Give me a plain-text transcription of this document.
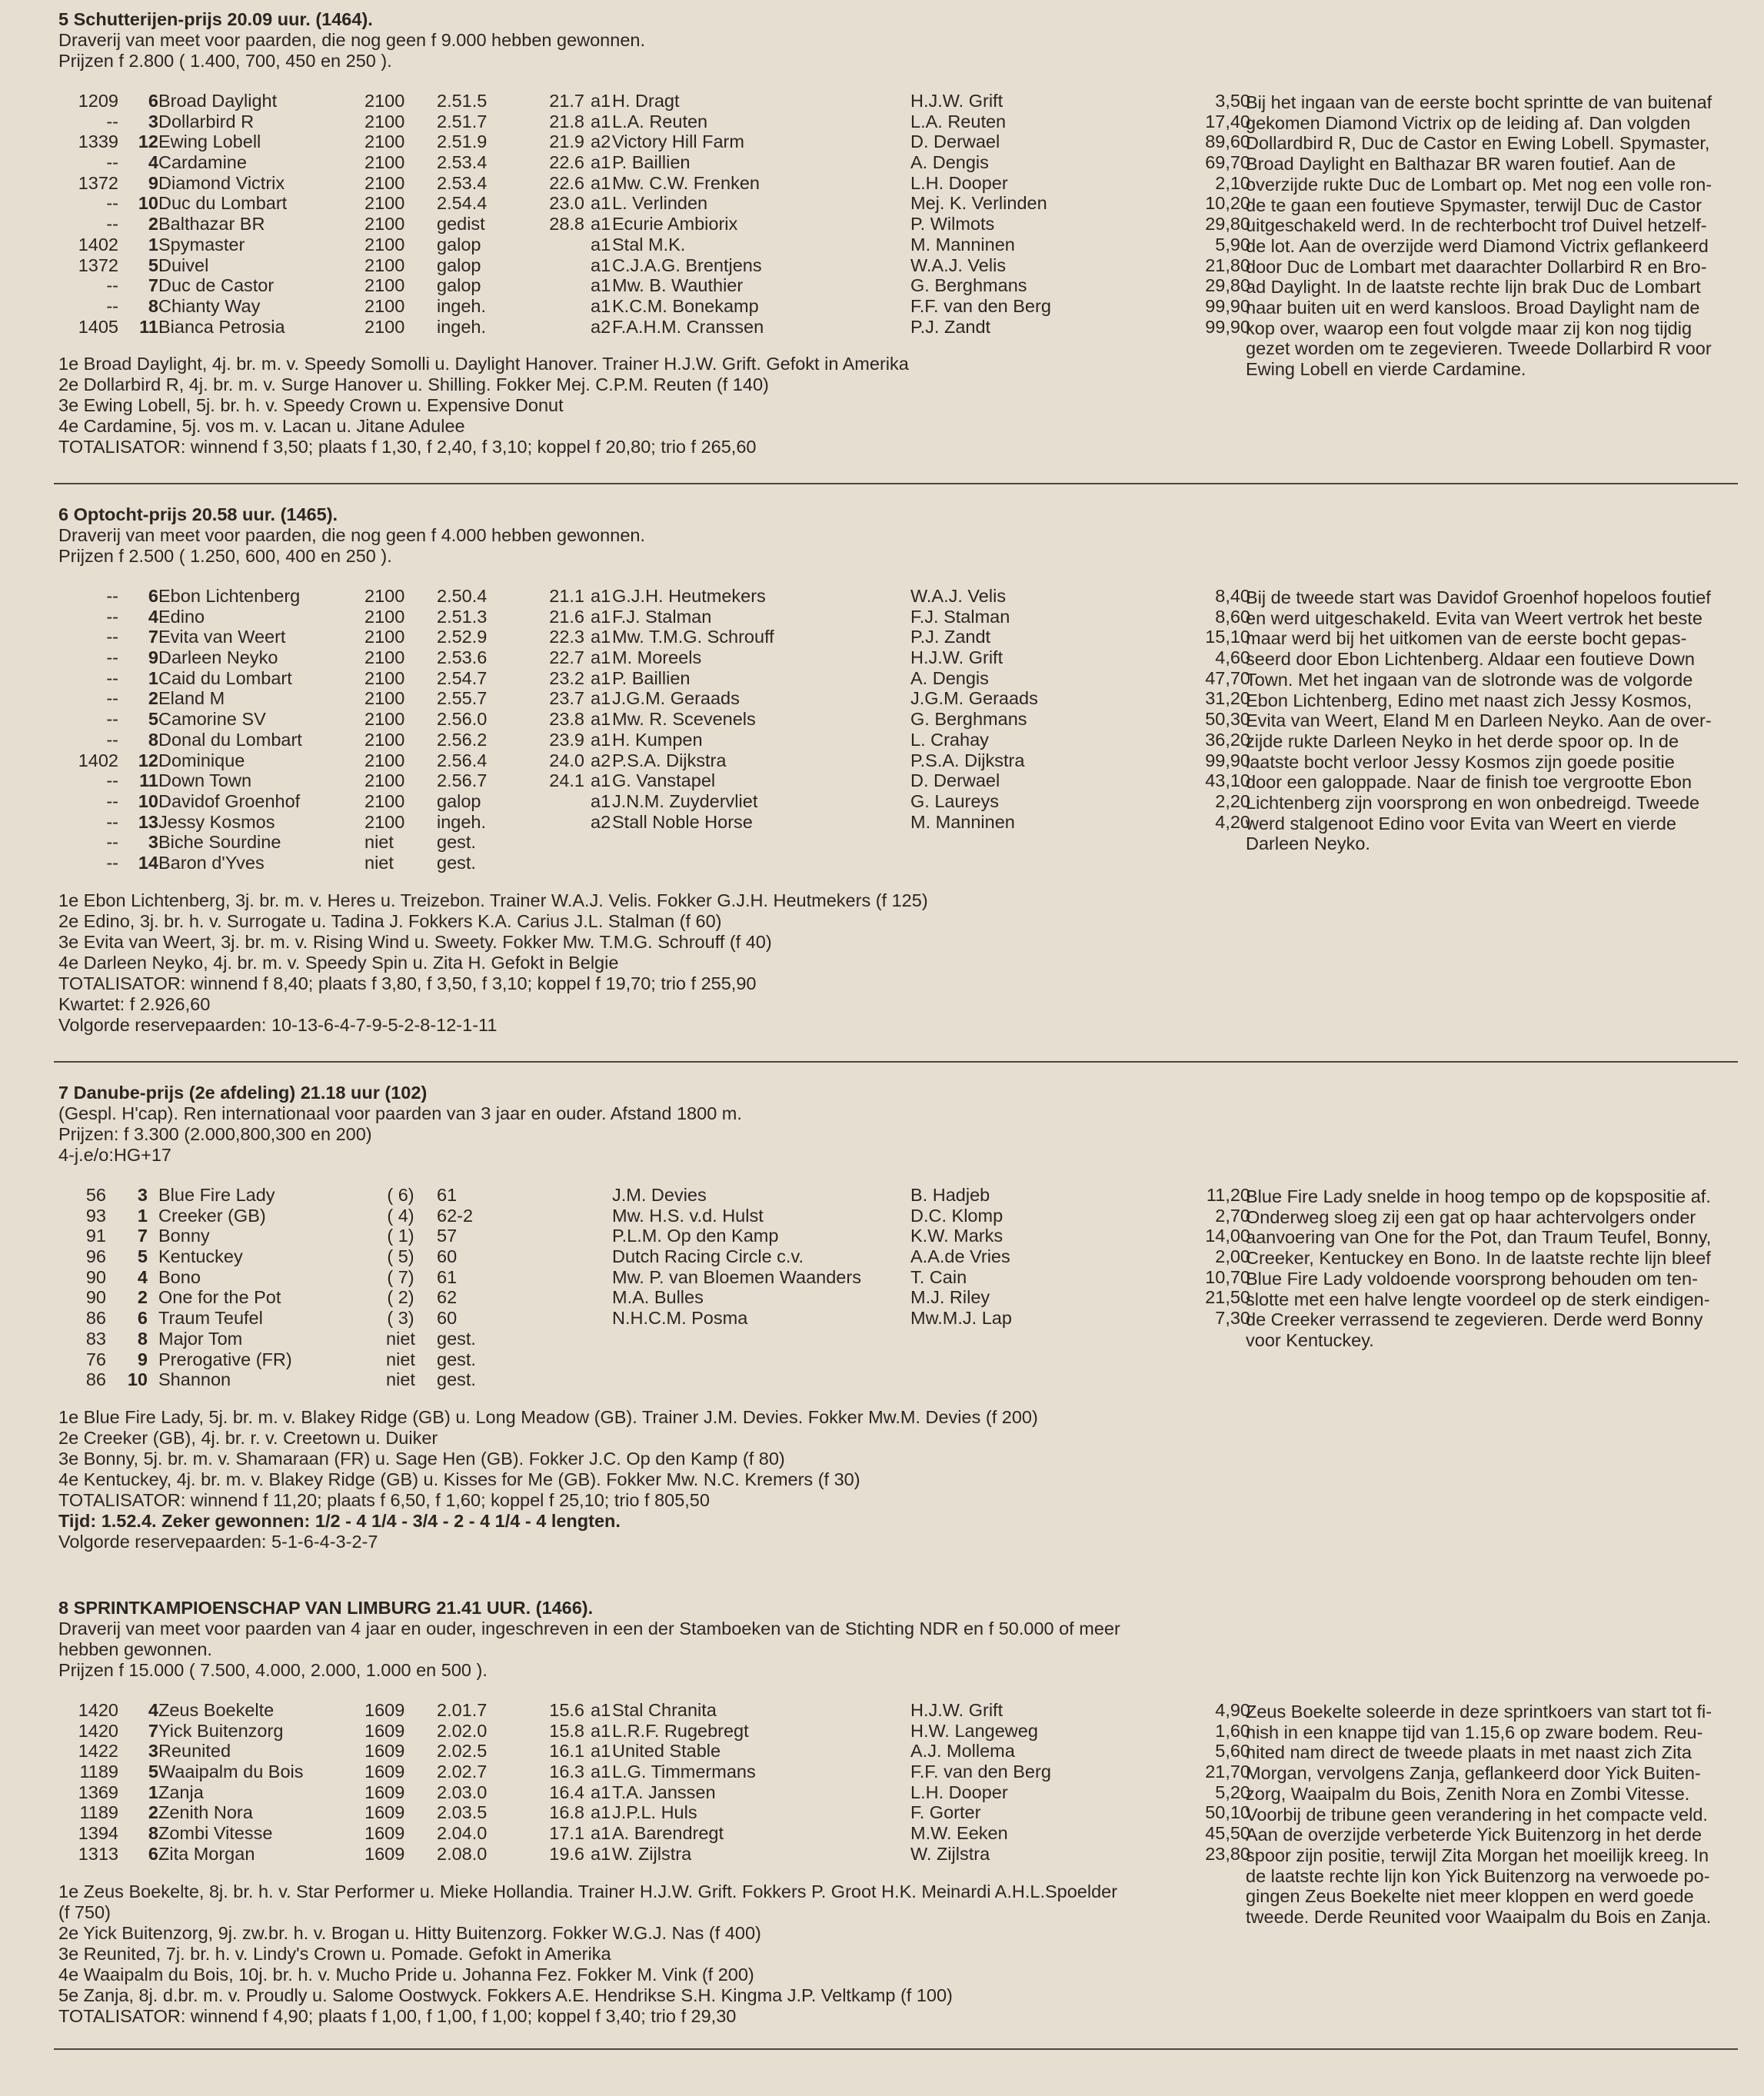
5 Schutterijen-prijs 20.09 uur. (1464).
Draverij van meet voor paarden, die nog geen f 9.000 hebben gewonnen.
Prijzen f 2.800 ( 1.400, 700, 450 en 250 ).
Bij het ingaan van de eerste bocht sprintte de van buitenaf
gekomen Diamond Victrix op de leiding af. Dan volgden
Dollardbird R, Duc de Castor en Ewing Lobell. Spymaster,
Broad Daylight en Balthazar BR waren foutief. Aan de
overzijde rukte Duc de Lombart op. Met nog een volle ron-
de te gaan een foutieve Spymaster, terwijl Duc de Castor
uitgeschakeld werd. In de rechterbocht trof Duivel hetzelf-
de lot. Aan de overzijde werd Diamond Victrix geflankeerd
door Duc de Lombart met daarachter Dollarbird R en Bro-
ad Daylight. In de laatste rechte lijn brak Duc de Lombart
naar buiten uit en werd kansloos. Broad Daylight nam de
kop over, waarop een fout volgde maar zij kon nog tijdig
gezet worden om te zegevieren. Tweede Dollarbird R voor
Ewing Lobell en vierde Cardamine.
1209	6 Broad Daylight	2100 2.51.5	21.7 a1 H. Dragt	H.J.W. Grift	3,50
--	3 Dollarbird R	2100 2.51.7	21.8 a1 L.A. Reuten	L.A. Reuten	17,40
1339	12 Ewing Lobell	2100 2.51.9	21.9 a2 Victory Hill Farm	D. Derwael	89,60
--	4 Cardamine	2100 2.53.4	22.6 a1 P. Baillien	A. Dengis	69,70
1372	9 Diamond Victrix	2100 2.53.4	22.6 a1 Mw. C.W. Frenken	L.H. Dooper	2,10
--	10 Duc du Lombart	2100 2.54.4	23.0 a1 L. Verlinden	Mej. K. Verlinden	10,20
--	2 Balthazar BR	2100 gedist	28.8 a1 Ecurie Ambiorix	P. Wilmots	29,80
1402	1 Spymaster	2100 galop	a1 Stal M.K.	M. Manninen	5,90
1372	5 Duivel	2100 galop	a1 C.J.A.G. Brentjens	W.A.J. Velis	21,80
--	7 Duc de Castor	2100 galop	a1 Mw. B. Wauthier	G. Berghmans	29,80
--	8 Chianty Way	2100 ingeh.	a1 K.C.M. Bonekamp	F.F. van den Berg	99,90
1405	11 Bianca Petrosia	2100 ingeh.	a2 F.A.H.M. Cranssen	P.J. Zandt	99,90
1e Broad Daylight, 4j. br. m. v. Speedy Somolli u. Daylight Hanover. Trainer H.J.W. Grift. Gefokt in Amerika
2e Dollarbird R, 4j. br. m. v. Surge Hanover u. Shilling. Fokker Mej. C.P.M. Reuten (f 140)
3e Ewing Lobell, 5j. br. h. v. Speedy Crown u. Expensive Donut
4e Cardamine, 5j. vos m. v. Lacan u. Jitane Adulee
TOTALISATOR: winnend f 3,50; plaats f 1,30, f 2,40, f 3,10; koppel f 20,80; trio f 265,60
6 Optocht-prijs 20.58 uur. (1465).
Draverij van meet voor paarden, die nog geen f 4.000 hebben gewonnen.
Prijzen f 2.500 ( 1.250, 600, 400 en 250 ).
Bij de tweede start was Davidof Groenhof hopeloos foutief
en werd uitgeschakeld. Evita van Weert vertrok het beste
maar werd bij het uitkomen van de eerste bocht gepas-
seerd door Ebon Lichtenberg. Aldaar een foutieve Down
Town. Met het ingaan van de slotronde was de volgorde
Ebon Lichtenberg, Edino met naast zich Jessy Kosmos,
Evita van Weert, Eland M en Darleen Neyko. Aan de over-
zijde rukte Darleen Neyko in het derde spoor op. In de
laatste bocht verloor Jessy Kosmos zijn goede positie
door een galoppade. Naar de finish toe vergrootte Ebon
Lichtenberg zijn voorsprong en won onbedreigd. Tweede
werd stalgenoot Edino voor Evita van Weert en vierde
Darleen Neyko.
--	6 Ebon Lichtenberg	2100 2.50.4	21.1 a1 G.J.H. Heutmekers	W.A.J. Velis	8,40
--	4 Edino	2100 2.51.3	21.6 a1 F.J. Stalman	F.J. Stalman	8,60
--	7 Evita van Weert	2100 2.52.9	22.3 a1 Mw. T.M.G. Schrouff	P.J. Zandt	15,10
--	9 Darleen Neyko	2100 2.53.6	22.7 a1 M. Moreels	H.J.W. Grift	4,60
--	1 Caid du Lombart	2100 2.54.7	23.2 a1 P. Baillien	A. Dengis	47,70
--	2 Eland M	2100 2.55.7	23.7 a1 J.G.M. Geraads	J.G.M. Geraads	31,20
--	5 Camorine SV	2100 2.56.0	23.8 a1 Mw. R. Scevenels	G. Berghmans	50,30
--	8 Donal du Lombart	2100 2.56.2	23.9 a1 H. Kumpen	L. Crahay	36,20
1402	12 Dominique	2100 2.56.4	24.0 a2 P.S.A. Dijkstra	P.S.A. Dijkstra	99,90
--	11 Down Town	2100 2.56.7	24.1 a1 G. Vanstapel	D. Derwael	43,10
--	10 Davidof Groenhof	2100 galop	a1 J.N.M. Zuydervliet	G. Laureys	2,20
--	13 Jessy Kosmos	2100 ingeh.	a2 Stall Noble Horse	M. Manninen	4,20
--	3 Biche Sourdine	niet gest.
--	14 Baron d'Yves	niet gest.
1e Ebon Lichtenberg, 3j. br. m. v. Heres u. Treizebon. Trainer W.A.J. Velis. Fokker G.J.H. Heutmekers (f 125)
2e Edino, 3j. br. h. v. Surrogate u. Tadina J. Fokkers K.A. Carius J.L. Stalman (f 60)
3e Evita van Weert, 3j. br. m. v. Rising Wind u. Sweety. Fokker Mw. T.M.G. Schrouff (f 40)
4e Darleen Neyko, 4j. br. m. v. Speedy Spin u. Zita H. Gefokt in Belgie
TOTALISATOR: winnend f 8,40; plaats f 3,80, f 3,50, f 3,10; koppel f 19,70; trio f 255,90
Kwartet: f 2.926,60
Volgorde reservepaarden: 10-13-6-4-7-9-5-2-8-12-1-11
7 Danube-prijs (2e afdeling) 21.18 uur (102)
(Gespl. H'cap). Ren internationaal voor paarden van 3 jaar en ouder. Afstand 1800 m.
Prijzen: f 3.300 (2.000,800,300 en 200)
4-j.e/o:HG+17
Blue Fire Lady snelde in hoog tempo op de kopspositie af.
Onderweg sloeg zij een gat op haar achtervolgers onder
aanvoering van One for the Pot, dan Traum Teufel, Bonny,
Creeker, Kentuckey en Bono. In de laatste rechte lijn bleef
Blue Fire Lady voldoende voorsprong behouden om ten-
slotte met een halve lengte voordeel op de sterk eindigen-
de Creeker verrassend te zegevieren. Derde werd Bonny
voor Kentuckey.
56	3 Blue Fire Lady	( 6)	61	J.M. Devies	B. Hadjeb	11,20
93	1 Creeker (GB)	( 4)	62-2	Mw. H.S. v.d. Hulst	D.C. Klomp	2,70
91	7 Bonny	( 1)	57	P.L.M. Op den Kamp	K.W. Marks	14,00
96	5 Kentuckey	( 5)	60	Dutch Racing Circle c.v.	A.A.de Vries	2,00
90	4 Bono	( 7)	61	Mw. P. van Bloemen Waanders	T. Cain	10,70
90	2 One for the Pot	( 2)	62	M.A. Bulles	M.J. Riley	21,50
86	6 Traum Teufel	( 3)	60	N.H.C.M. Posma	Mw.M.J. Lap	7,30
83	8 Major Tom	niet	gest.
76	9 Prerogative (FR)	niet	gest.
86	10 Shannon	niet	gest.
1e Blue Fire Lady, 5j. br. m. v. Blakey Ridge (GB) u. Long Meadow (GB). Trainer J.M. Devies. Fokker Mw.M. Devies (f 200)
2e Creeker (GB), 4j. br. r. v. Creetown u. Duiker
3e Bonny, 5j. br. m. v. Shamaraan (FR) u. Sage Hen (GB). Fokker J.C. Op den Kamp (f 80)
4e Kentuckey, 4j. br. m. v. Blakey Ridge (GB) u. Kisses for Me (GB). Fokker Mw. N.C. Kremers (f 30)
TOTALISATOR: winnend f 11,20; plaats f 6,50, f 1,60; koppel f 25,10; trio f 805,50
Tijd: 1.52.4. Zeker gewonnen: 1/2 - 4 1/4 - 3/4 - 2 - 4 1/4 - 4 lengten.
Volgorde reservepaarden: 5-1-6-4-3-2-7
8 SPRINTKAMPIOENSCHAP VAN LIMBURG 21.41 UUR. (1466).
Draverij van meet voor paarden van 4 jaar en ouder, ingeschreven in een der Stamboeken van de Stichting NDR en f 50.000 of meer
hebben gewonnen.
Prijzen f 15.000 ( 7.500, 4.000, 2.000, 1.000 en 500 ).
Zeus Boekelte soleerde in deze sprintkoers van start tot fi-
nish in een knappe tijd van 1.15,6 op zware bodem. Reu-
nited nam direct de tweede plaats in met naast zich Zita
Morgan, vervolgens Zanja, geflankeerd door Yick Buiten-
zorg, Waaipalm du Bois, Zenith Nora en Zombi Vitesse.
Voorbij de tribune geen verandering in het compacte veld.
Aan de overzijde verbeterde Yick Buitenzorg in het derde
spoor zijn positie, terwijl Zita Morgan het moeilijk kreeg. In
de laatste rechte lijn kon Yick Buitenzorg na verwoede po-
gingen Zeus Boekelte niet meer kloppen en werd goede
tweede. Derde Reunited voor Waaipalm du Bois en Zanja.
1420	4 Zeus Boekelte	1609 2.01.7	15.6 a1 Stal Chranita	H.J.W. Grift	4,90
1420	7 Yick Buitenzorg	1609 2.02.0	15.8 a1 L.R.F. Rugebregt	H.W. Langeweg	1,60
1422	3 Reunited	1609 2.02.5	16.1 a1 United Stable	A.J. Mollema	5,60
1189	5 Waaipalm du Bois	1609 2.02.7	16.3 a1 L.G. Timmermans	F.F. van den Berg	21,70
1369	1 Zanja	1609 2.03.0	16.4 a1 T.A. Janssen	L.H. Dooper	5,20
1189	2 Zenith Nora	1609 2.03.5	16.8 a1 J.P.L. Huls	F. Gorter	50,10
1394	8 Zombi Vitesse	1609 2.04.0	17.1 a1 A. Barendregt	M.W. Eeken	45,50
1313	6 Zita Morgan	1609 2.08.0	19.6 a1 W. Zijlstra	W. Zijlstra	23,80
1e Zeus Boekelte, 8j. br. h. v. Star Performer u. Mieke Hollandia. Trainer H.J.W. Grift. Fokkers P. Groot H.K. Meinardi A.H.L.Spoelder
(f 750)
2e Yick Buitenzorg, 9j. zw.br. h. v. Brogan u. Hitty Buitenzorg. Fokker W.G.J. Nas (f 400)
3e Reunited, 7j. br. h. v. Lindy's Crown u. Pomade. Gefokt in Amerika
4e Waaipalm du Bois, 10j. br. h. v. Mucho Pride u. Johanna Fez. Fokker M. Vink (f 200)
5e Zanja, 8j. d.br. m. v. Proudly u. Salome Oostwyck. Fokkers A.E. Hendrikse S.H. Kingma J.P. Veltkamp (f 100)
TOTALISATOR: winnend f 4,90; plaats f 1,00, f 1,00, f 1,00; koppel f 3,40; trio f 29,30
